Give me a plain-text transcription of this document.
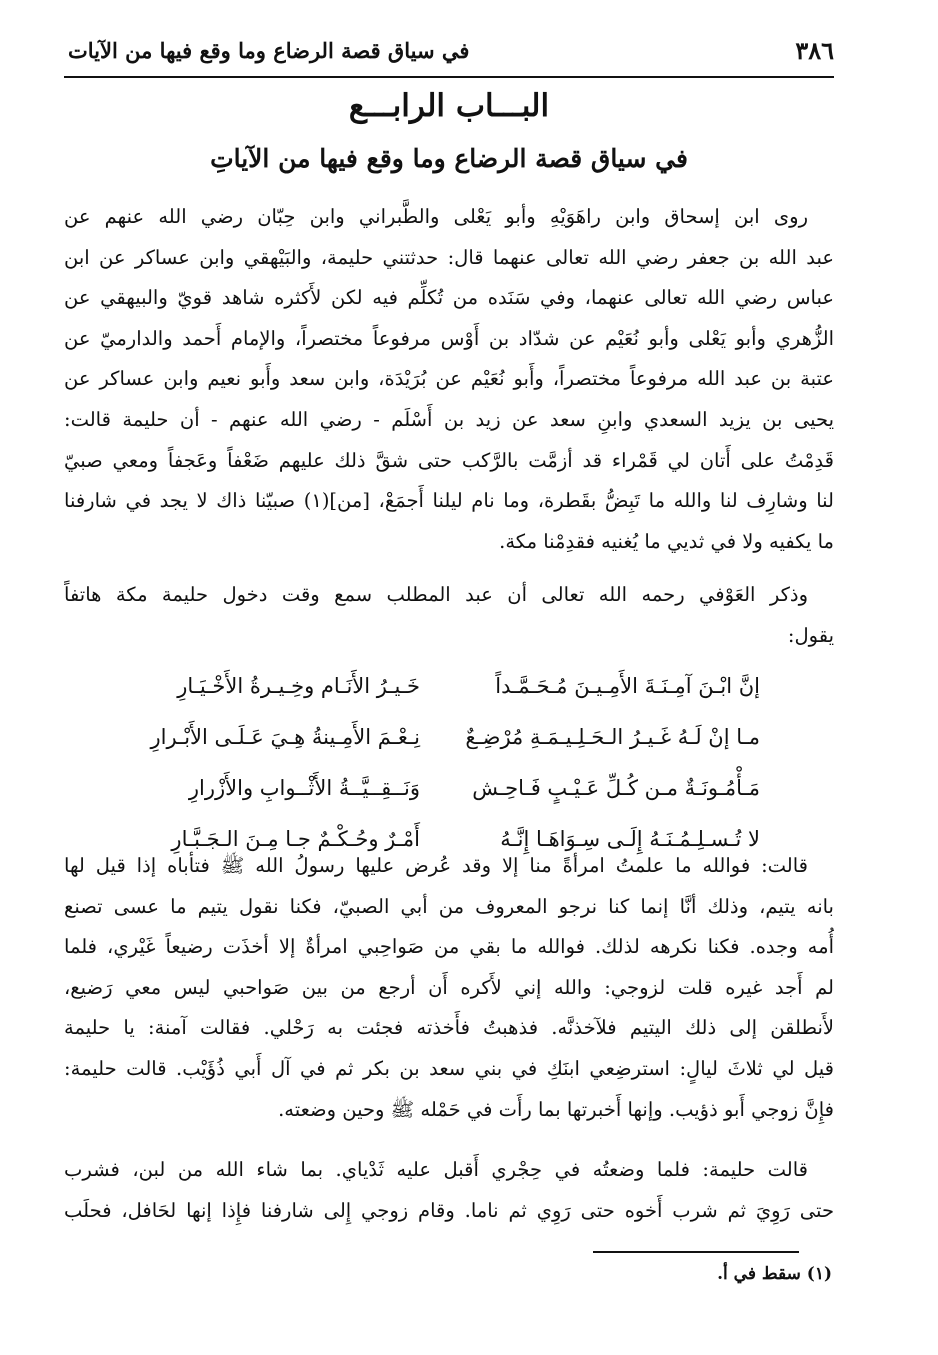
٣٨٦
في سياق قصة الرضاع وما وقع فيها من الآيات
البـــاب الرابـــع
في سياق قصة الرضاع وما وقع فيها من الآياتِ
روى ابن إسحاق وابن راهَوَيْهِ وأبو يَعْلى والطَّبراني وابن حِبّان رضي الله عنهم عن
عبد الله بن جعفر رضي الله تعالى عنهما قال: حدثتني حليمة، والبَيْهقي وابن عساكر عن ابن
عباس رضي الله تعالى عنهما، وفي سَنَده من تُكلِّم فيه لكن لأَكثره شاهد قويّ والبيهقي عن
الزُّهري وأبو يَعْلى وأبو نُعَيْم عن شدّاد بن أَوْس مرفوعاً مختصراً، والإمام أَحمد والدارميّ عن
عتبة بن عبد الله مرفوعاً مختصراً، وأَبو نُعَيْم عن بُرَيْدَة، وابن سعد وأَبو نعيم وابن عساكر عن
يحيى بن يزيد السعدي وابنِ سعد عن زيد بن أَسْلَم - رضي الله عنهم - أن حليمة قالت:
قَدِمْتُ على أَتان لي قَمْراء قد أزمَّت بالرَّكب حتى شقَّ ذلك عليهم ضَعْفاً وعَجفاً ومعي صبيّ
لنا وشارِف لنا والله ما تَبِضُّ بقَطرة، وما نام ليلنا أَجمَعْ، [من](١) صبيّنا ذاك لا يجد في شارفنا
ما يكفيه ولا في ثديي ما يُغنيه فقدِمْنا مكة.
وذكر العَوْفي رحمه الله تعالى أن عبد المطلب سمع وقت دخول حليمة مكة هاتفاً
يقول:
إنَّ ابْـنَ آمِـنَـةَ الأَمِـيـنَ مُـحَـمَّـداً
خَـيـرُ الأَنَـام وخِـيـرةُ الأَخْـيَـارِ
مـا إنْ لَـهُ غَـيـرُ الـحَـلِـيـمَـةِ مُرْضِـعٌ
نِـعْـمَ الأَمِـينةُ هِـيَ عَـلَـى الأَبْـرارِ
مَـأْمُـونَـةٌ مـن كُـلِّ عَـيْـبٍ فَـاحِـش
وَنَــقِــيَّــةُ الأَثْــوابِ والأَزْرارِ
لا تُـسـلِـمُـنَـهُ إِلَـى سِـوَاهَـا إِنَّـهُ
أَمْـرٌ وحُـكْـمٌ جـا مِـنَ الـجَـبَّـارِ
قالت: فوالله ما علمتُ امرأةً منا إلا وقد عُرض عليها رسولُ الله ﷺ فتأباه إذا قيل لها
بانه يتيم، وذلك أنَّا إنما كنا نرجو المعروف من أبي الصبيّ، فكنا نقول يتيم ما عسى تصنع
أُمه وجده. فكنا نكرهه لذلك. فوالله ما بقي من صَواحِبي امرأةٌ إلا أخذَت رضيعاً غَيْري، فلما
لم أَجد غيره قلت لزوجي: والله إني لأَكره أَن أرجع من بين صَواحبي ليس معي رَضيع،
لأَنطلقن إلى ذلك اليتيم فلآخذنَّه. فذهبتُ فأَخذته فجئت به رَحْلي. فقالت آمنة: يا حليمة
قيل لي ثلاثَ ليالٍ: استرضِعي ابنَكِ في بني سعد بن بكر ثم في آل أَبي ذُؤَيْب. قالت حليمة:
فإِنَّ زوجي أَبو ذؤيب. وإنها أَخبرتها بما رأَت في حَمْله ﷺ وحين وضعته.
قالت حليمة: فلما وضعتُه في حِجْري أَقبل عليه ثَدْياي. بما شاء الله من لبن، فشرب
حتى رَوِيَ ثم شرب أَخوه حتى رَوِي ثم ناما. وقام زوجي إِلى شارفنا فإِذا إنها لحَافل، فحلَب
(١) سقط في أ.
